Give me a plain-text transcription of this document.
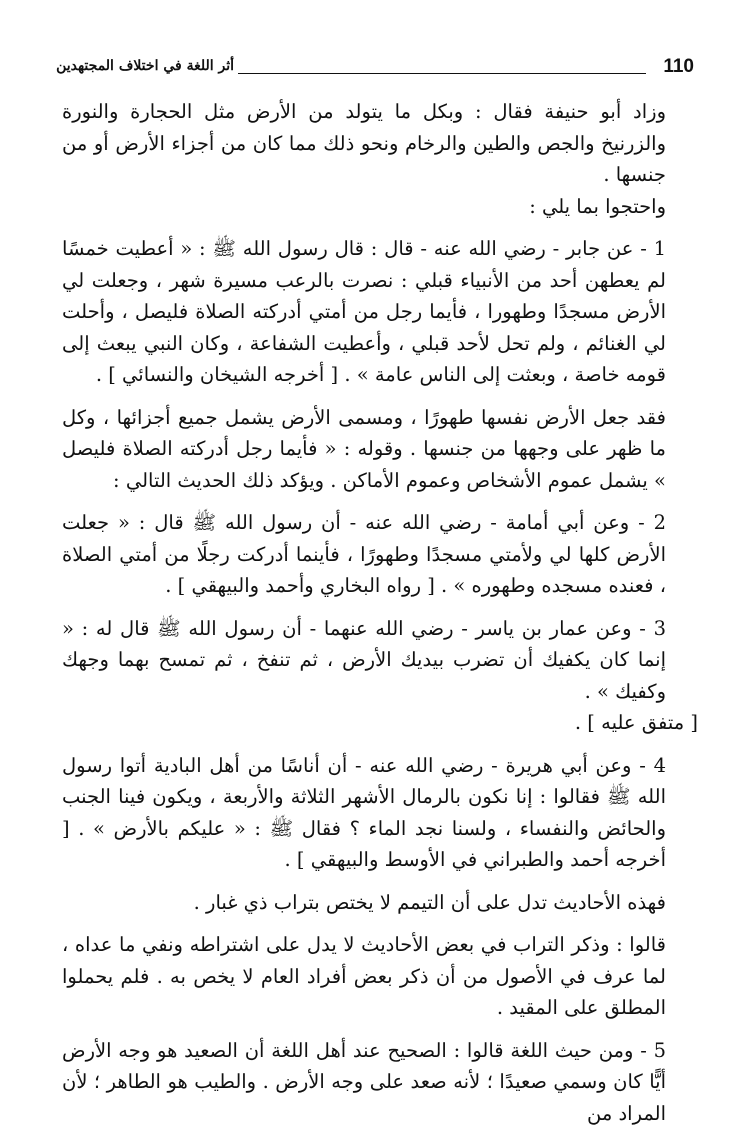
110
أثر اللغة في اختلاف المجتهدين

وزاد أبو حنيفة فقال : وبكل ما يتولد من الأرض مثل الحجارة والنورة والزرنيخ والجص والطين والرخام ونحو ذلك مما كان من أجزاء الأرض أو من جنسها .

واحتجوا بما يلي :

1 - عن جابر - رضي الله عنه - قال : قال رسول الله ﷺ : « أعطيت خمسًا لم يعطهن أحد من الأنبياء قبلي : نصرت بالرعب مسيرة شهر ، وجعلت لي الأرض مسجدًا وطهورا ، فأيما رجل من أمتي أدركته الصلاة فليصل ، وأحلت لي الغنائم ، ولم تحل لأحد قبلي ، وأعطيت الشفاعة ، وكان النبي يبعث إلى قومه خاصة ، وبعثت إلى الناس عامة » . [ أخرجه الشيخان والنسائي ] .

فقد جعل الأرض نفسها طهورًا ، ومسمى الأرض يشمل جميع أجزائها ، وكل ما ظهر على وجهها من جنسها . وقوله : « فأيما رجل أدركته الصلاة فليصل » يشمل عموم الأشخاص وعموم الأماكن . ويؤكد ذلك الحديث التالي :

2 - وعن أبي أمامة - رضي الله عنه - أن رسول الله ﷺ قال : « جعلت الأرض كلها لي ولأمتي مسجدًا وطهورًا ، فأينما أدركت رجلًا من أمتي الصلاة ، فعنده مسجده وطهوره » . [ رواه البخاري وأحمد والبيهقي ] .

3 - وعن عمار بن ياسر - رضي الله عنهما - أن رسول الله ﷺ قال له : « إنما كان يكفيك أن تضرب بيديك الأرض ، ثم تنفخ ، ثم تمسح بهما وجهك وكفيك » .

[ متفق عليه ] .

4 - وعن أبي هريرة - رضي الله عنه - أن أناسًا من أهل البادية أتوا رسول الله ﷺ فقالوا : إنا نكون بالرمال الأشهر الثلاثة والأربعة ، ويكون فينا الجنب والحائض والنفساء ، ولسنا نجد الماء ؟ فقال ﷺ : « عليكم بالأرض » . [ أخرجه أحمد والطبراني في الأوسط والبيهقي ] .

فهذه الأحاديث تدل على أن التيمم لا يختص بتراب ذي غبار .

قالوا : وذكر التراب في بعض الأحاديث لا يدل على اشتراطه ونفي ما عداه ، لما عرف في الأصول من أن ذكر بعض أفراد العام لا يخص به . فلم يحملوا المطلق على المقيد .

5 - ومن حيث اللغة قالوا : الصحيح عند أهل اللغة أن الصعيد هو وجه الأرض أيًّا كان وسمي صعيدًا ؛ لأنه صعد على وجه الأرض . والطيب هو الطاهر ؛ لأن المراد من
